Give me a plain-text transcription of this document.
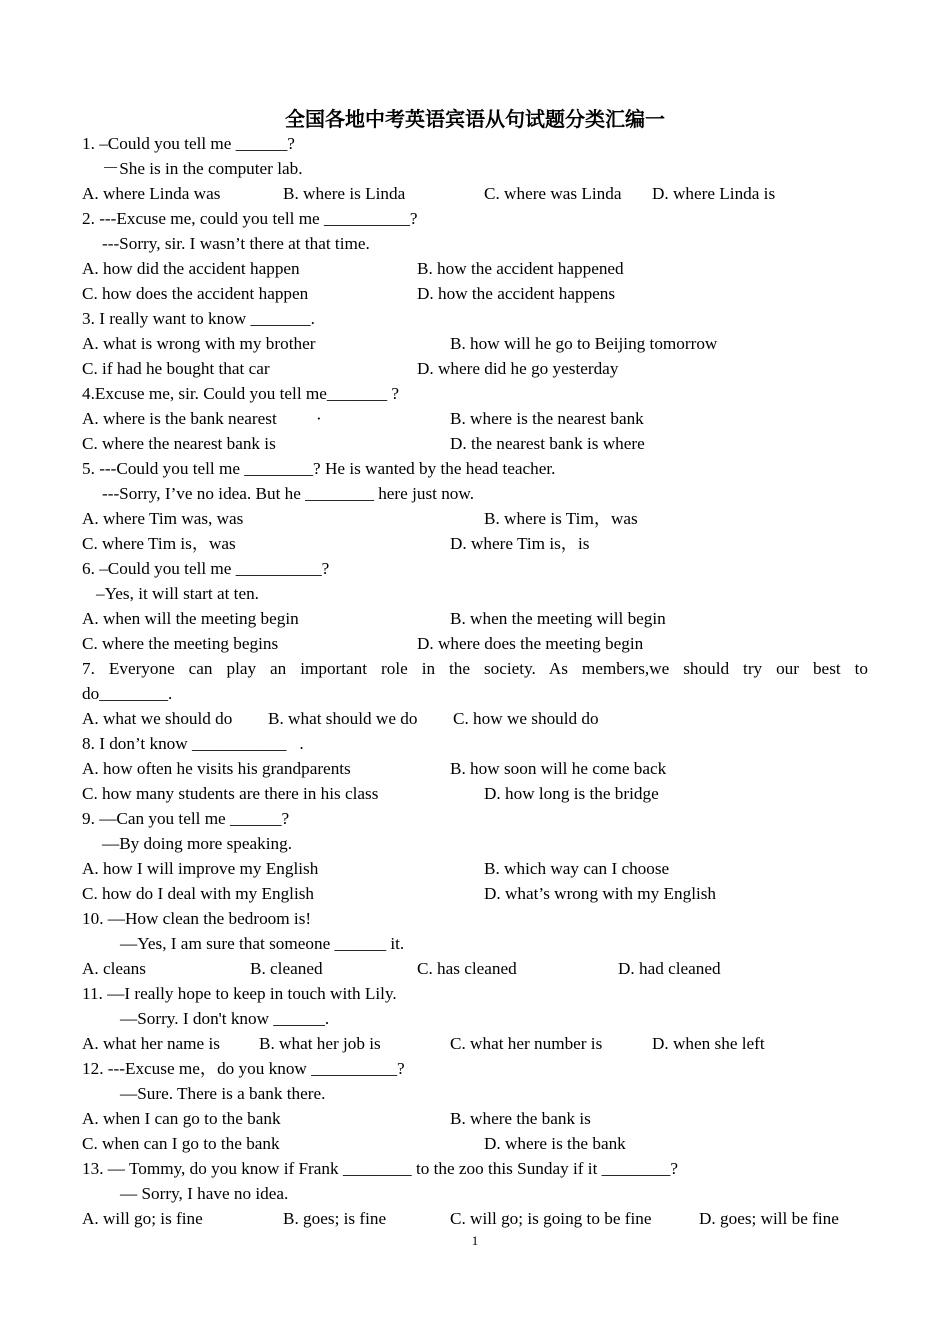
全国各地中考英语宾语从句试题分类汇编一
1. –Could you tell me ______?
－She is in the computer lab.

A. where Linda was

	B. where is Linda

	C. where was Linda

D. where Linda is

2. ---Excuse me, could you tell me __________?
---Sorry, sir. I wasn’t there at that time.

A. how did the accident happen

	B. how the accident happened

C. how does the accident happen

	D. how the accident happens

3. I really want to know _______.

A. what is wrong with my brother

	B. how will he go to Beijing tomorrow

C. if had he bought that car

	D. where did he go yesterday

4.Excuse me, sir. Could you tell me_______ ?

A. where is the bank nearest

·

	B. where is the nearest bank

C. where the nearest bank is

	D. the nearest bank is where

5. ---Could you tell me ________? He is wanted by the head teacher.
---Sorry, I’ve no idea. But he ________ here just now.

A. where Tim was, was

	B. where is Tim，was

C. where Tim is，was

	D. where Tim is，is

6. –Could you tell me __________?
–Yes, it will start at ten.

A. when will the meeting begin

	B. when the meeting will begin

C. where the meeting begins

	D. where does the meeting begin

7. Everyone can play an important role in the society. As members,we should try our best to
do________.

A. what we should do

B. what should we do

C. how we should do

8. I don’t know ___________   .

A. how often he visits his grandparents

	B. how soon will he come back

C. how many students are there in his class

	D. how long is the bridge

9. —Can you tell me ______?
—By doing more speaking.

A. how I will improve my English

	B. which way can I choose

C. how do I deal with my English

	D. what’s wrong with my English

10. —How clean the bedroom is!
—Yes, I am sure that someone ______ it.

A. cleans

	B. cleaned

	C. has cleaned

	D. had cleaned

11. —I really hope to keep in touch with Lily.
—Sorry. I don't know ______.

A. what her name is

B. what her job is

	C. what her number is

	D. when she left

12. ---Excuse me，do you know __________?
—Sure. There is a bank there.

A. when I can go to the bank

	B. where the bank is

C. when can I go to the bank

	D. where is the bank

13. — Tommy, do you know if Frank ________ to the zoo this Sunday if it ________?
— Sorry, I have no idea.

A. will go; is fine

	B. goes; is fine

	C. will go; is going to be fine

	D. goes; will be fine

1
